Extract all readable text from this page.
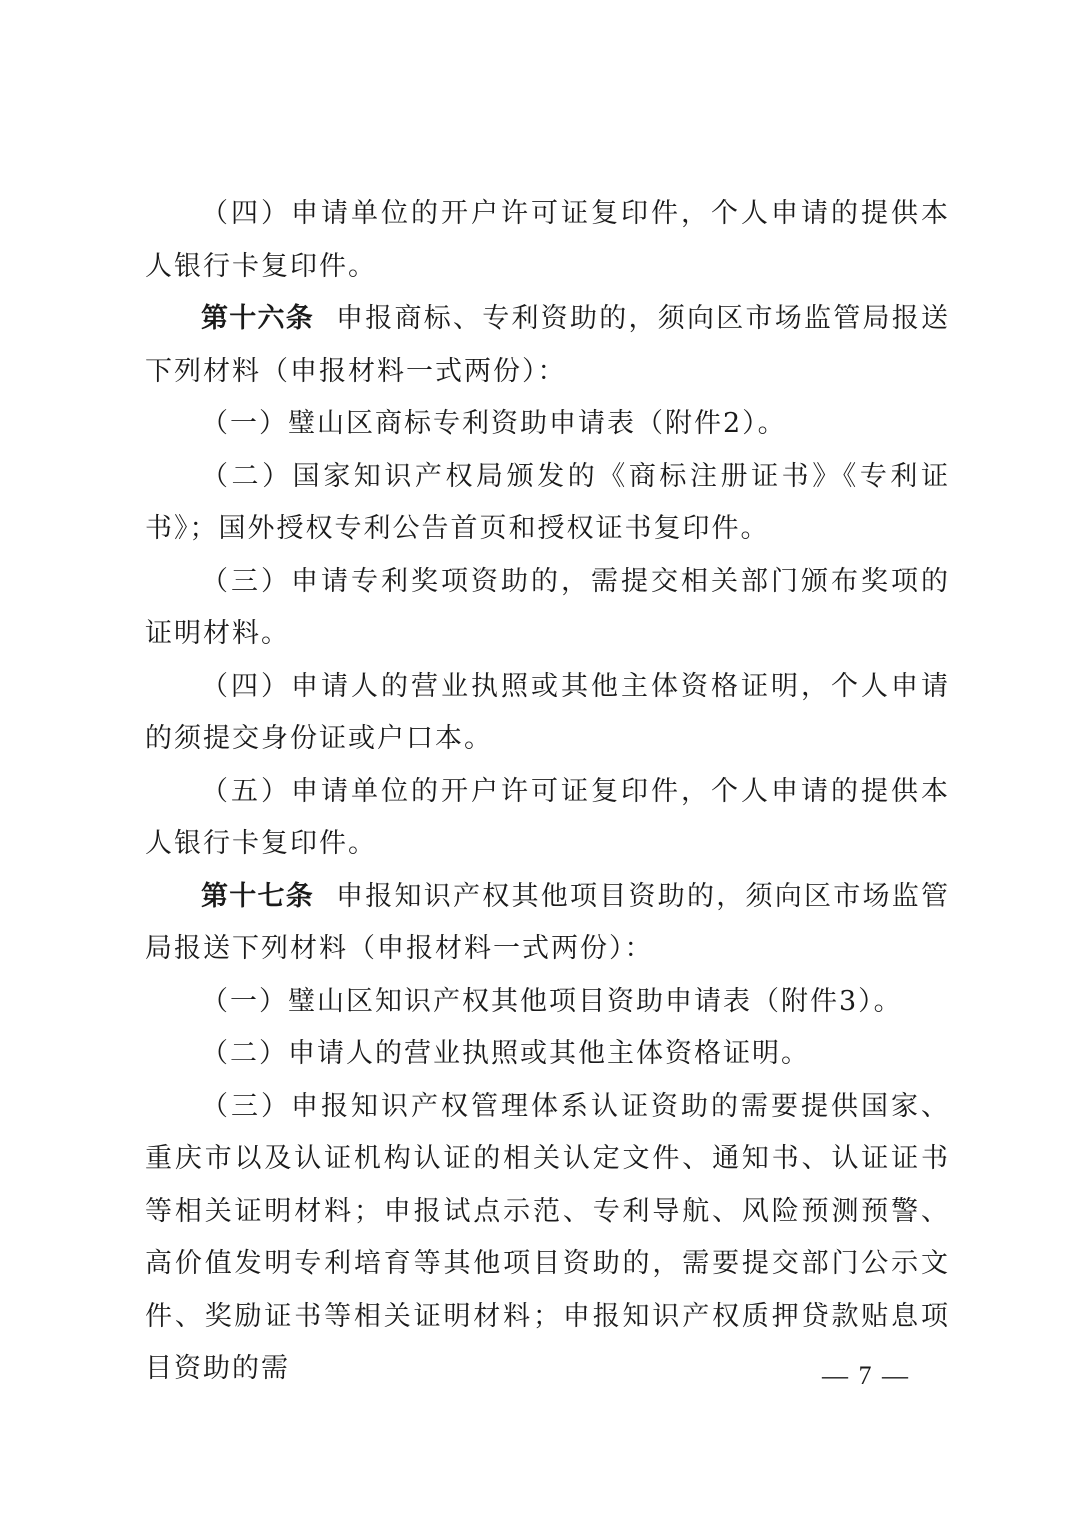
（四）申请单位的开户许可证复印件，个人申请的提供本人银行卡复印件。

第十六条 申报商标、专利资助的，须向区市场监管局报送下列材料（申报材料一式两份）：

（一）璧山区商标专利资助申请表（附件2）。

（二）国家知识产权局颁发的《商标注册证书》《专利证书》；国外授权专利公告首页和授权证书复印件。

（三）申请专利奖项资助的，需提交相关部门颁布奖项的证明材料。

（四）申请人的营业执照或其他主体资格证明，个人申请的须提交身份证或户口本。

（五）申请单位的开户许可证复印件，个人申请的提供本人银行卡复印件。

第十七条 申报知识产权其他项目资助的，须向区市场监管局报送下列材料（申报材料一式两份）：

（一）璧山区知识产权其他项目资助申请表（附件3）。

（二）申请人的营业执照或其他主体资格证明。

（三）申报知识产权管理体系认证资助的需要提供国家、重庆市以及认证机构认证的相关认定文件、通知书、认证证书等相关证明材料；申报试点示范、专利导航、风险预测预警、高价值发明专利培育等其他项目资助的，需要提交部门公示文件、奖励证书等相关证明材料；申报知识产权质押贷款贴息项目资助的需	— 7 —
